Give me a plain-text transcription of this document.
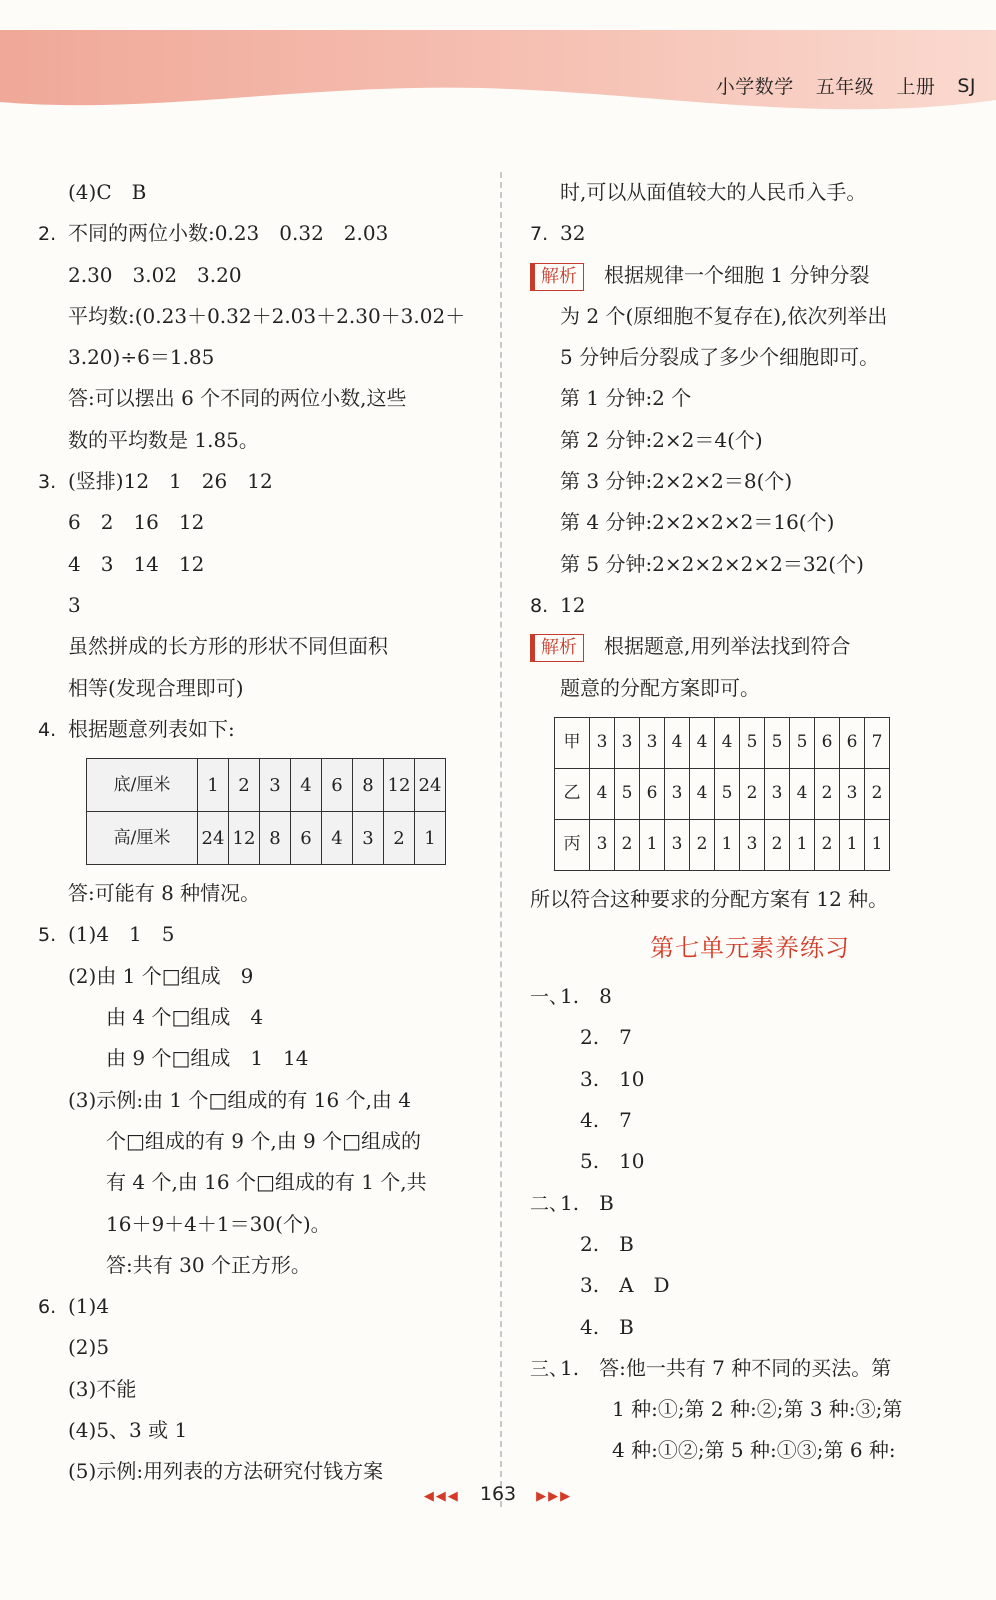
小学数学 五年级 上册 SJ
(4)C　B
2. 不同的两位小数:0.23　0.32　2.03
2.30　3.02　3.20
平均数:(0.23＋0.32＋2.03＋2.30＋3.02＋
3.20)÷6＝1.85
答:可以摆出 6 个不同的两位小数,这些
数的平均数是 1.85。
3. (竖排)12　1　26　12
6　2　16　12
4　3　14　12
3
虽然拼成的长方形的形状不同但面积
相等(发现合理即可)
4. 根据题意列表如下:
底/厘米	1	2	3	4	6	8	12	24
高/厘米	24	12	8	6	4	3	2	1
答:可能有 8 种情况。
5. (1)4　1　5
(2)由 1 个□组成　9
由 4 个□组成　4
由 9 个□组成　1　14
(3)示例:由 1 个□组成的有 16 个,由 4
个□组成的有 9 个,由 9 个□组成的
有 4 个,由 16 个□组成的有 1 个,共
16＋9＋4＋1＝30(个)。
答:共有 30 个正方形。
6. (1)4
(2)5
(3)不能
(4)5、3 或 1
(5)示例:用列表的方法研究付钱方案
时,可以从面值较大的人民币入手。
7. 32
解析 根据规律一个细胞 1 分钟分裂
为 2 个(原细胞不复存在),依次列举出
5 分钟后分裂成了多少个细胞即可。
第 1 分钟:2 个
第 2 分钟:2×2＝4(个)
第 3 分钟:2×2×2＝8(个)
第 4 分钟:2×2×2×2＝16(个)
第 5 分钟:2×2×2×2×2＝32(个)
8. 12
解析 根据题意,用列举法找到符合
题意的分配方案即可。
甲	3	3	3	4	4	4	5	5	5	6	6	7
乙	4	5	6	3	4	5	2	3	4	2	3	2
丙	3	2	1	3	2	1	3	2	1	2	1	1
所以符合这种要求的分配方案有 12 种。
第七单元素养练习
一、1.　8
2.　7
3.　10
4.　7
5.　10
二、1.　B
2.　B
3.　A　D
4.　B
三、1.　答:他一共有 7 种不同的买法。第
1 种:①;第 2 种:②;第 3 种:③;第
4 种:①②;第 5 种:①③;第 6 种:
◀◀◀ 163 ▶▶▶
